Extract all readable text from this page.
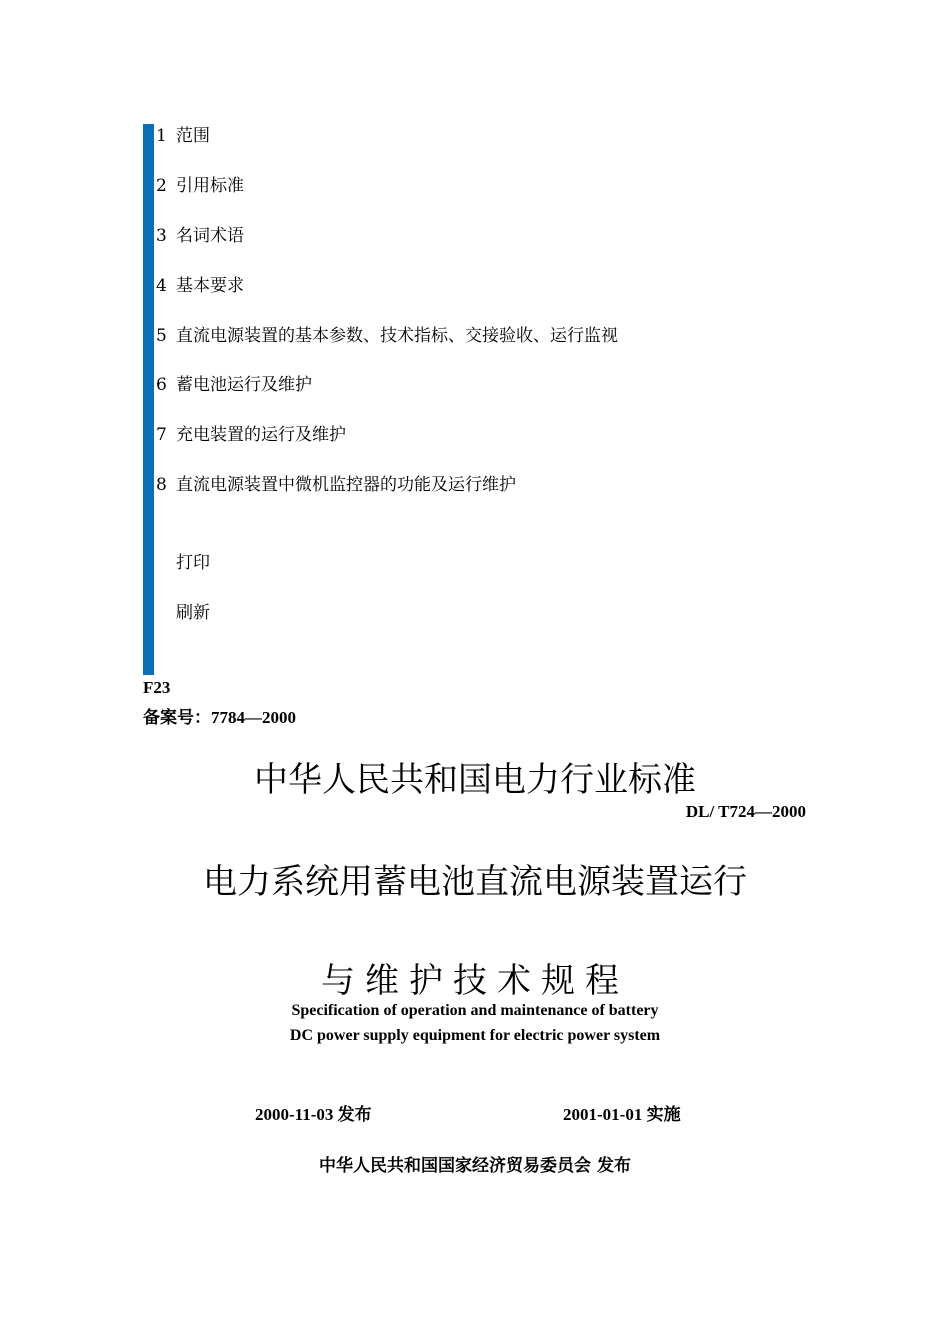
1 范围
2 引用标准
3 名词术语
4 基本要求
5 直流电源装置的基本参数、技术指标、交接验收、运行监视
6 蓄电池运行及维护
7 充电装置的运行及维护
8 直流电源装置中微机监控器的功能及运行维护
打印
刷新
F23
备案号：7784—2000
中华人民共和国电力行业标准
DL/ T724—2000
电力系统用蓄电池直流电源装置运行
与维护技术规程
Specification of operation and maintenance of battery
DC power supply equipment for electric power system
2000-11-03 发布	2001-01-01 实施
中华人民共和国国家经济贸易委员会 发布
